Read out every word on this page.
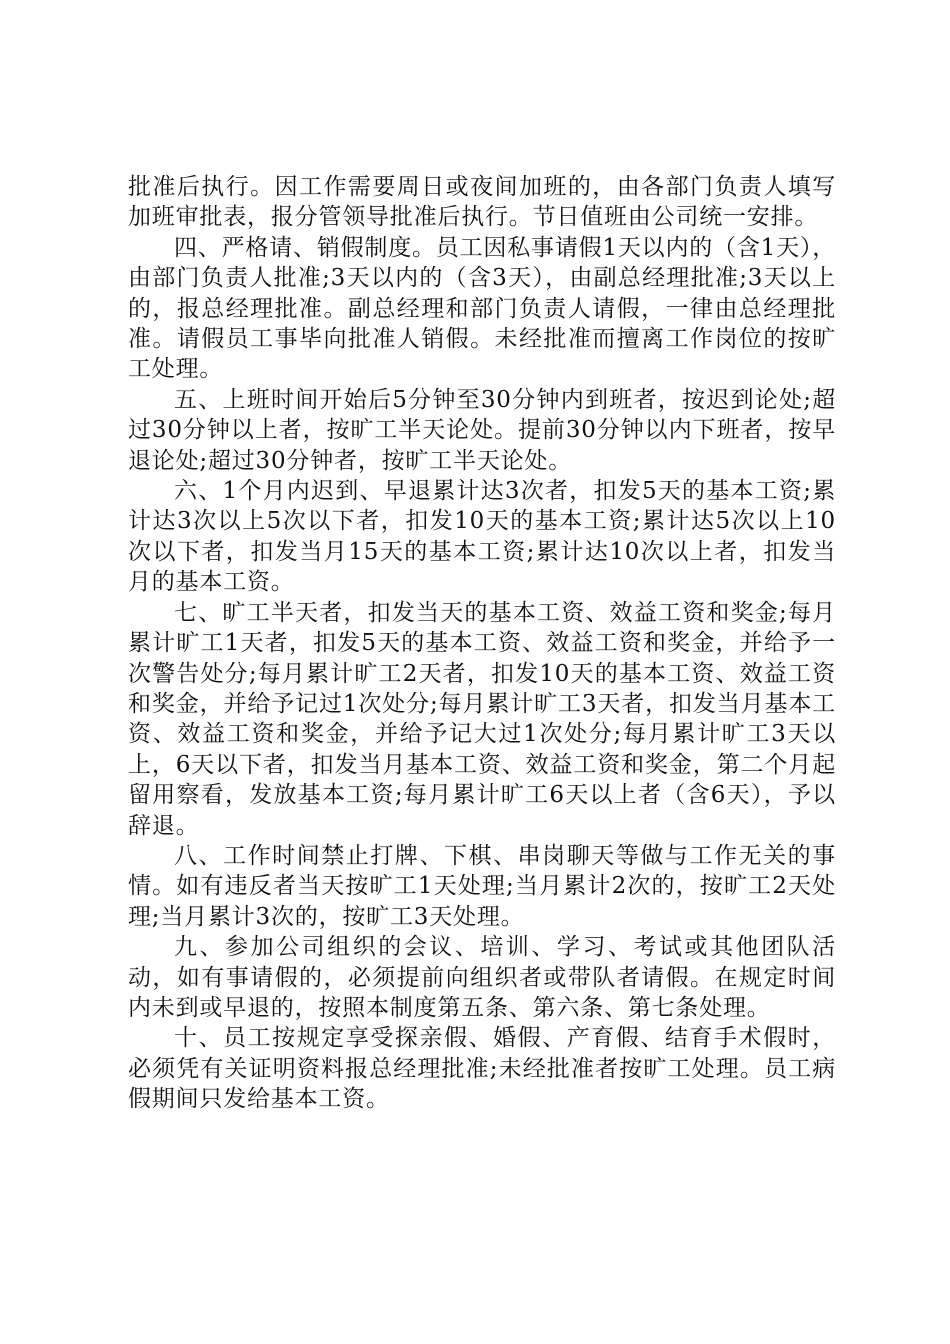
批准后执行。因工作需要周日或夜间加班的，由各部门负责人填写加班审批表，报分管领导批准后执行。节日值班由公司统一安排。

四、严格请、销假制度。员工因私事请假1天以内的（含1天），由部门负责人批准;3天以内的（含3天），由副总经理批准;3天以上的，报总经理批准。副总经理和部门负责人请假，一律由总经理批准。请假员工事毕向批准人销假。未经批准而擅离工作岗位的按旷工处理。

五、上班时间开始后5分钟至30分钟内到班者，按迟到论处;超过30分钟以上者，按旷工半天论处。提前30分钟以内下班者，按早退论处;超过30分钟者，按旷工半天论处。

六、1个月内迟到、早退累计达3次者，扣发5天的基本工资;累计达3次以上5次以下者，扣发10天的基本工资;累计达5次以上10次以下者，扣发当月15天的基本工资;累计达10次以上者，扣发当月的基本工资。

七、旷工半天者，扣发当天的基本工资、效益工资和奖金;每月累计旷工1天者，扣发5天的基本工资、效益工资和奖金，并给予一次警告处分;每月累计旷工2天者，扣发10天的基本工资、效益工资和奖金，并给予记过1次处分;每月累计旷工3天者，扣发当月基本工资、效益工资和奖金，并给予记大过1次处分;每月累计旷工3天以上，6天以下者，扣发当月基本工资、效益工资和奖金，第二个月起留用察看，发放基本工资;每月累计旷工6天以上者（含6天），予以辞退。

八、工作时间禁止打牌、下棋、串岗聊天等做与工作无关的事情。如有违反者当天按旷工1天处理;当月累计2次的，按旷工2天处理;当月累计3次的，按旷工3天处理。

九、参加公司组织的会议、培训、学习、考试或其他团队活动，如有事请假的，必须提前向组织者或带队者请假。在规定时间内未到或早退的，按照本制度第五条、第六条、第七条处理。

十、员工按规定享受探亲假、婚假、产育假、结育手术假时，必须凭有关证明资料报总经理批准;未经批准者按旷工处理。员工病假期间只发给基本工资。
